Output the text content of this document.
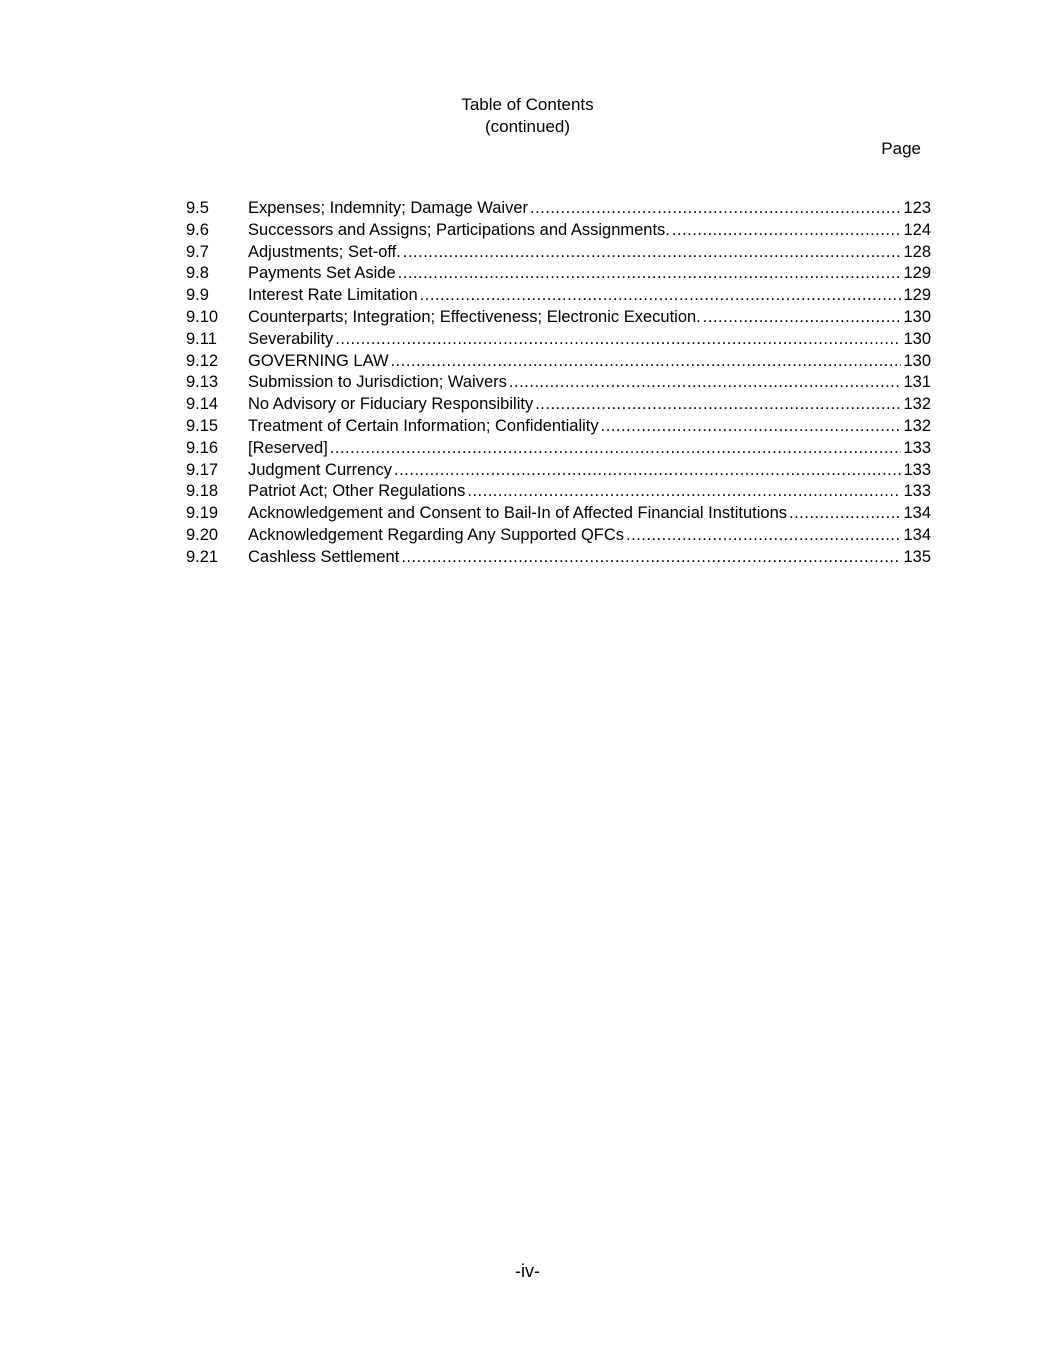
Table of Contents
(continued)
Page
9.5	Expenses; Indemnity; Damage Waiver .....	123
9.6	Successors and Assigns; Participations and Assignments. .....	124
9.7	Adjustments; Set-off. .....	128
9.8	Payments Set Aside .....	129
9.9	Interest Rate Limitation .....	129
9.10	Counterparts; Integration; Effectiveness; Electronic Execution. .....	130
9.11	Severability .....	130
9.12	GOVERNING LAW .....	130
9.13	Submission to Jurisdiction; Waivers .....	131
9.14	No Advisory or Fiduciary Responsibility .....	132
9.15	Treatment of Certain Information; Confidentiality .....	132
9.16	[Reserved] .....	133
9.17	Judgment Currency .....	133
9.18	Patriot Act; Other Regulations .....	133
9.19	Acknowledgement and Consent to Bail-In of Affected Financial Institutions .....	134
9.20	Acknowledgement Regarding Any Supported QFCs .....	134
9.21	Cashless Settlement .....	135
-iv-
